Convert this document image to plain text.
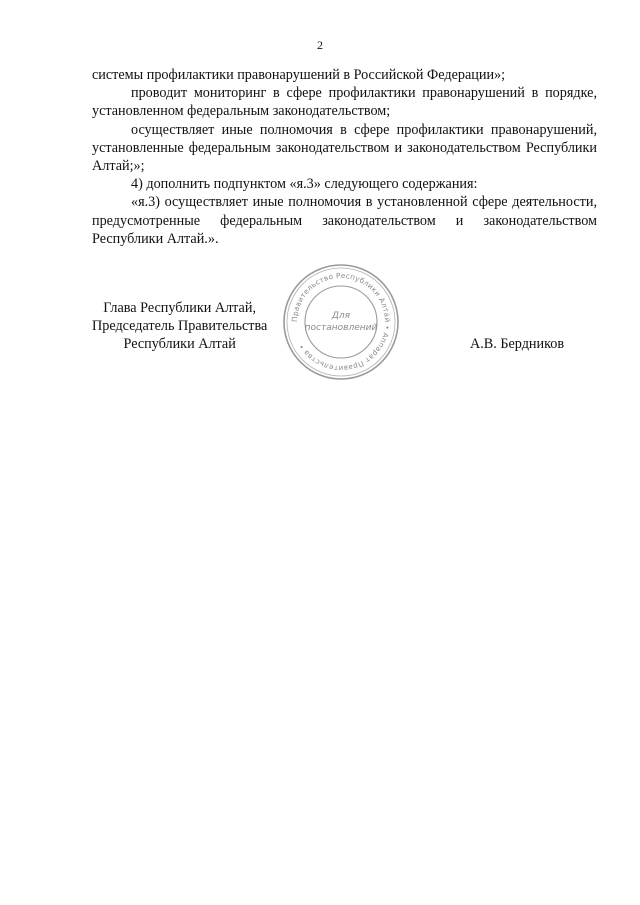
2

системы профилактики правонарушений в Российской Федерации»;

проводит мониторинг в сфере профилактики правонарушений в порядке, установленном федеральным законодательством;

осуществляет иные полномочия в сфере профилактики правонарушений, установленные федеральным законодательством и законодательством Республики Алтай;»;

4) дополнить подпунктом «я.3» следующего содержания:

«я.3) осуществляет иные полномочия в установленной сфере деятельности, предусмотренные федеральным законодательством и законодательством Республики Алтай.».

Правительство Республики Алтай • Аппарат Правительства •
Для
постановлений
Глава Республики Алтай,
Председатель Правительства
Республики Алтай	А.В. Бердников
